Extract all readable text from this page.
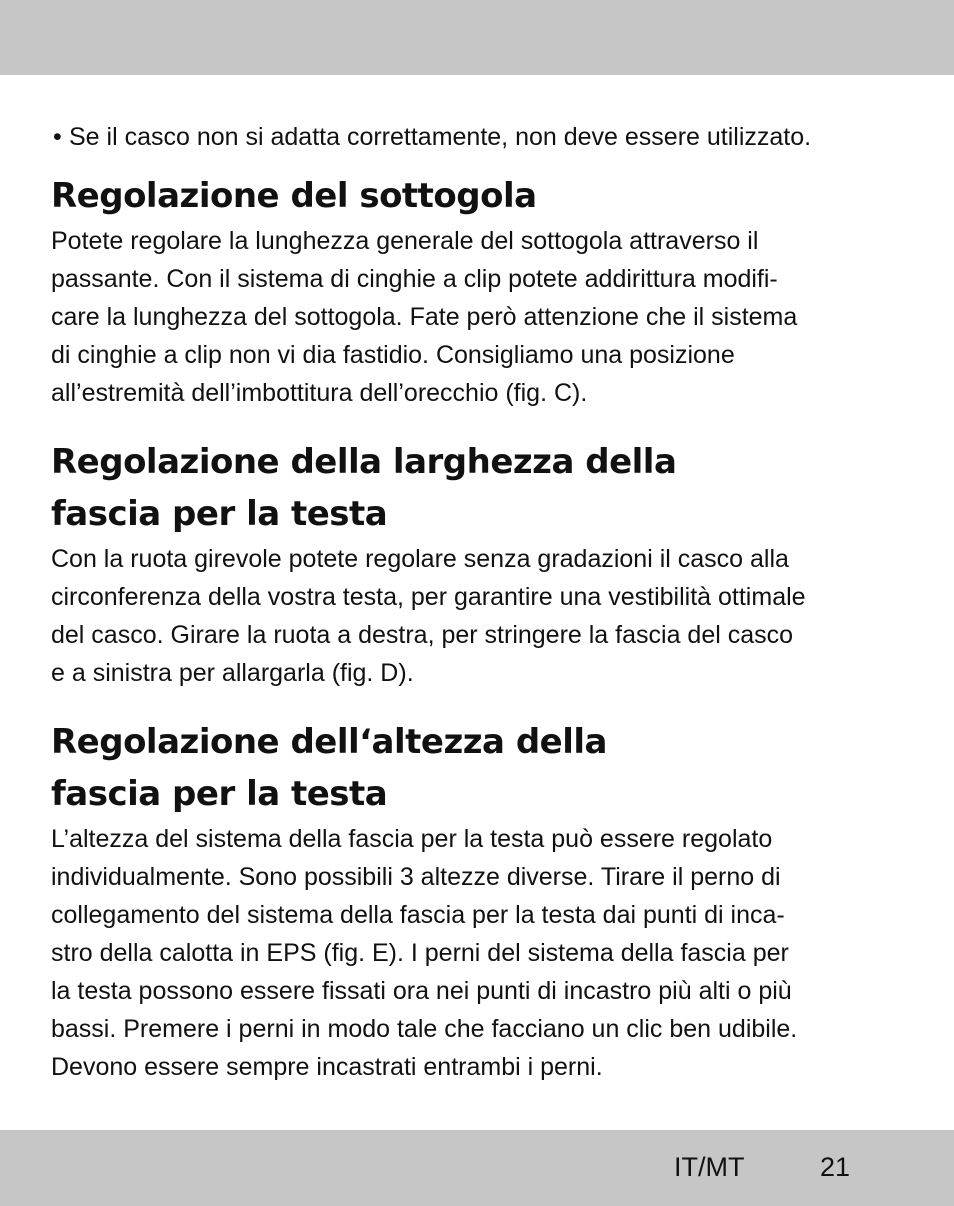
• Se il casco non si adatta correttamente, non deve essere utilizzato.

Regolazione del sottogola

Potete regolare la lunghezza generale del sottogola attraverso il
passante. Con il sistema di cinghie a clip potete addirittura modifi-
care la lunghezza del sottogola. Fate però attenzione che il sistema
di cinghie a clip non vi dia fastidio. Consigliamo una posizione
all’estremità dell’imbottitura dell’orecchio (fig. C).

Regolazione della larghezza della
fascia per la testa

Con la ruota girevole potete regolare senza gradazioni il casco alla
circonferenza della vostra testa, per garantire una vestibilità ottimale
del casco. Girare la ruota a destra, per stringere la fascia del casco
e a sinistra per allargarla (fig. D).

Regolazione dell‘altezza della
fascia per la testa

L’altezza del sistema della fascia per la testa può essere regolato
individualmente. Sono possibili 3 altezze diverse. Tirare il perno di
collegamento del sistema della fascia per la testa dai punti di inca-
stro della calotta in EPS (fig. E). I perni del sistema della fascia per
la testa possono essere fissati ora nei punti di incastro più alti o più
bassi. Premere i perni in modo tale che facciano un clic ben udibile.
Devono essere sempre incastrati entrambi i perni.

IT/MT	21
